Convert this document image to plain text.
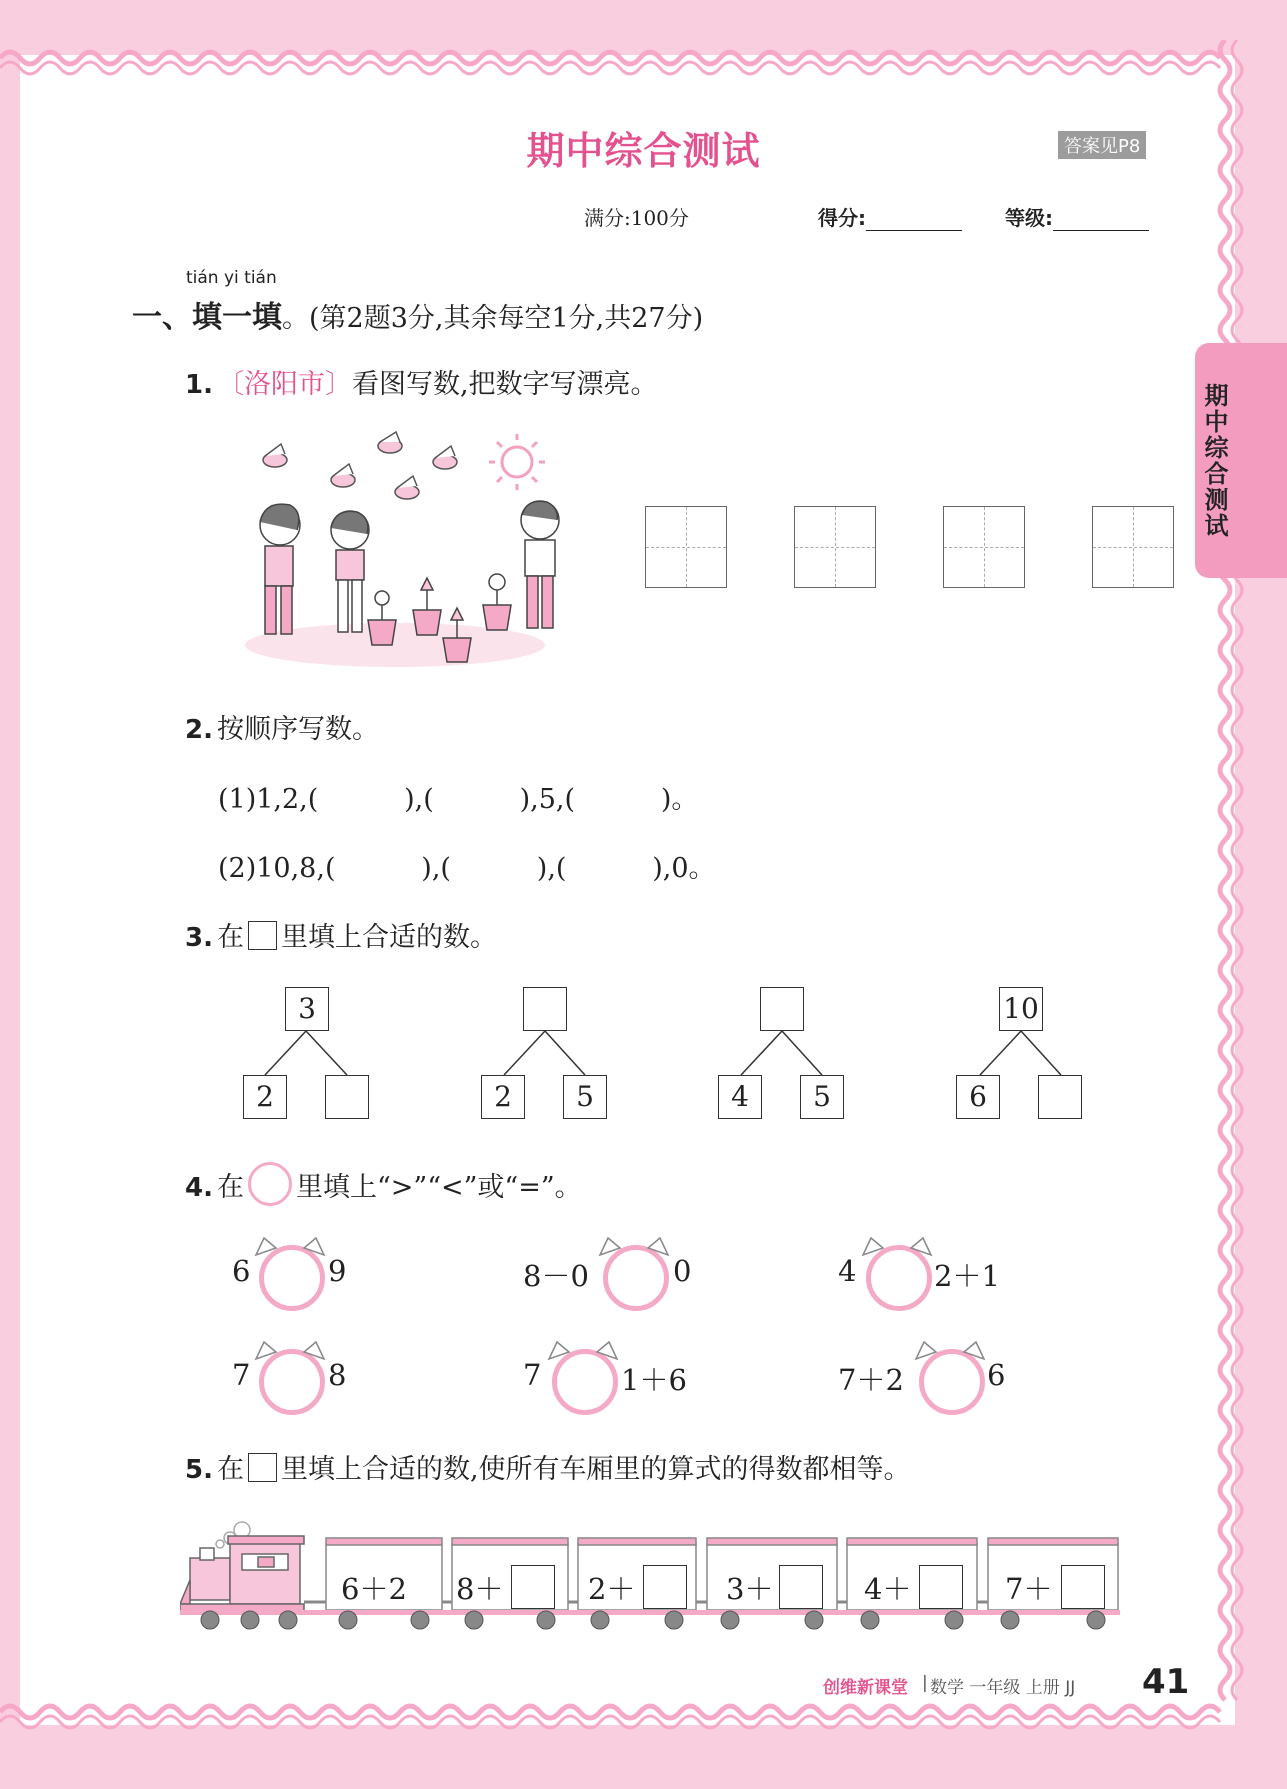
期
中
综
合
测
试
期中综合测试	答案见P8
满分:100分	得分:	等级:
tián yi tián
一、填一填。(第2题3分,其余每空1分,共27分)
1. 〔洛阳市〕看图写数,把数字写漂亮。
2. 按顺序写数。
(1)1,2,(          ),(          ),5,(          )。
(2)10,8,(          ),(          ),(          ),0。
3. 在 里填上合适的数。
3
2	2	5	4	5
10
6
4. 在 里填上“>”“<”或“=”。
6	9	8－0	0	4	2＋1
7	8	7	1＋6	7＋2	6
5. 在 里填上合适的数,使所有车厢里的算式的得数都相等。
6＋2 8＋	2＋	3＋	4＋	7＋
创维新课堂 | 数学 一年级 上册 JJ 41
